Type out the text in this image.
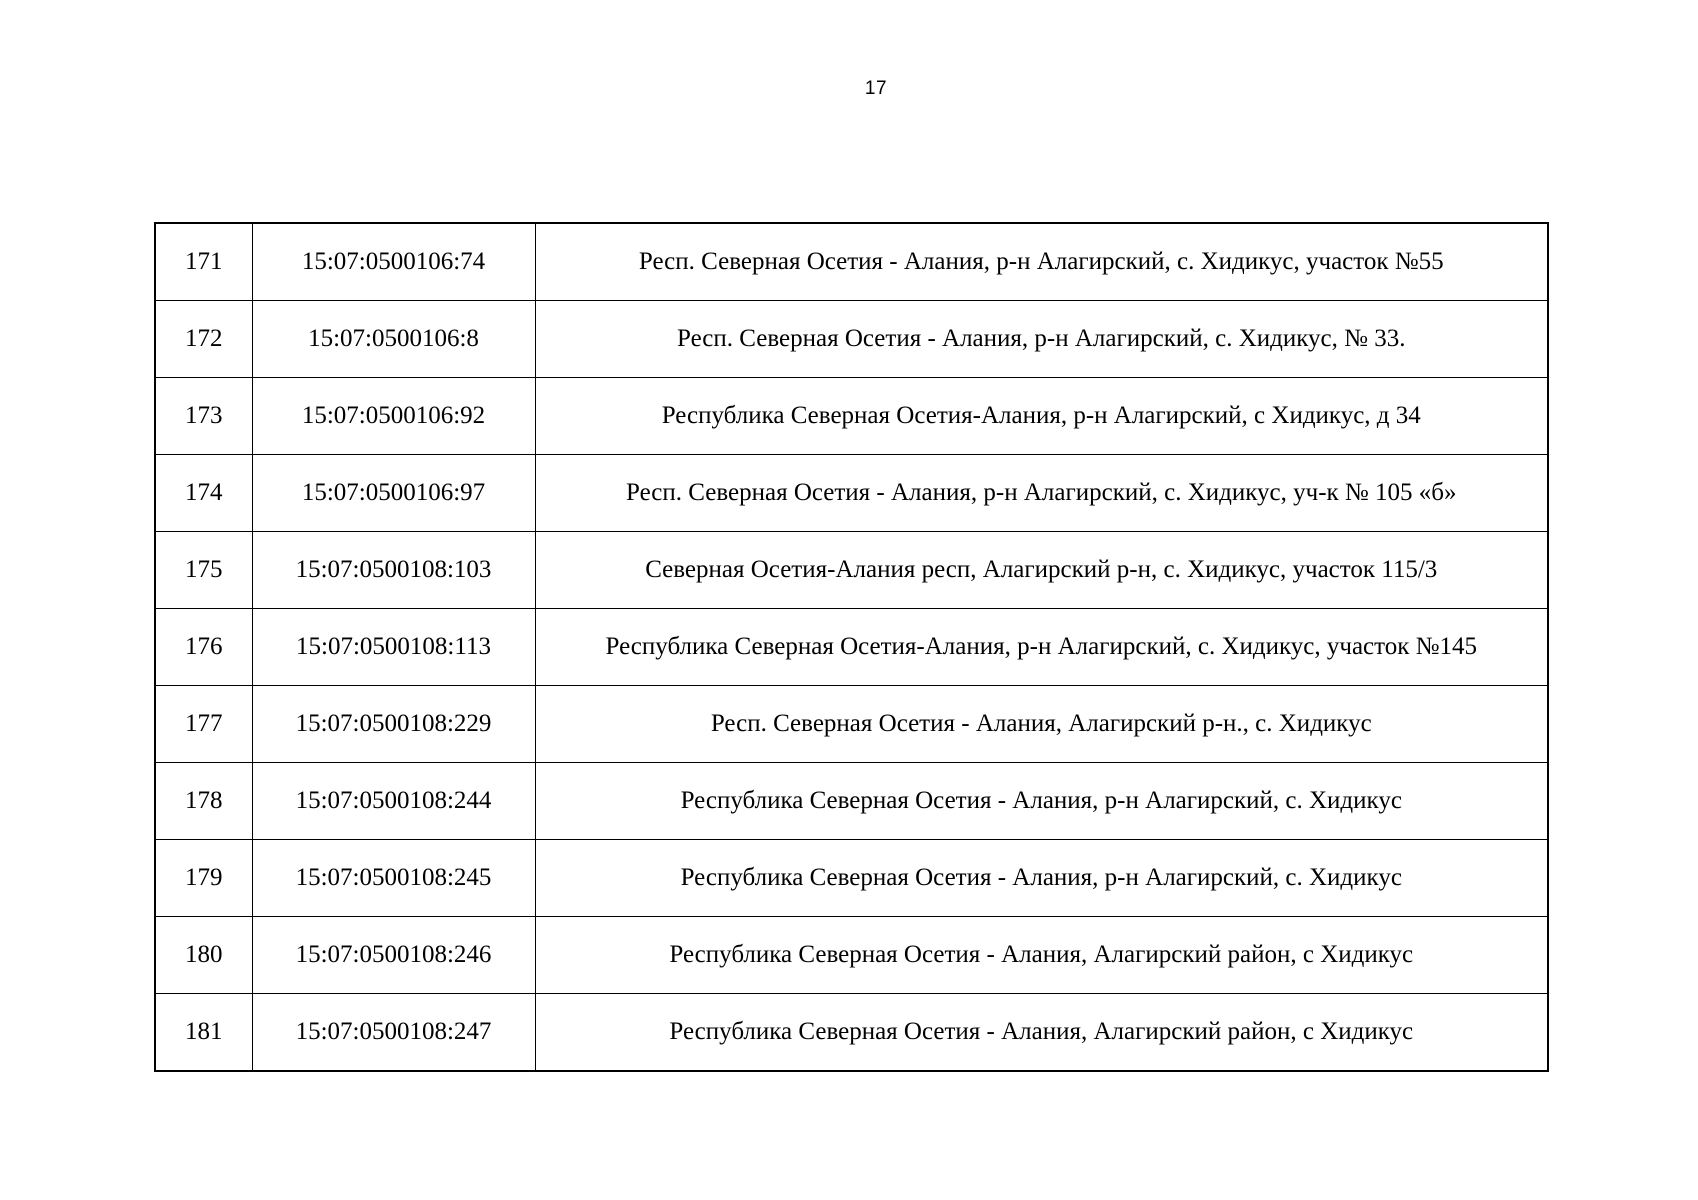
17
171	15:07:0500106:74	Респ. Северная Осетия - Алания, р-н Алагирский, с. Хидикус, участок №55
172	15:07:0500106:8	Респ. Северная Осетия - Алания, р-н Алагирский, с. Хидикус, № 33.
173	15:07:0500106:92	Республика Северная Осетия-Алания, р-н Алагирский, с Хидикус, д 34
174	15:07:0500106:97	Респ. Северная Осетия - Алания, р-н Алагирский, с. Хидикус, уч-к № 105 «б»
175	15:07:0500108:103	Северная Осетия-Алания респ, Алагирский р-н, с. Хидикус, участок 115/3
176	15:07:0500108:113	Республика Северная Осетия-Алания, р-н Алагирский, с. Хидикус, участок №145
177	15:07:0500108:229	Респ. Северная Осетия - Алания, Алагирский р-н., с. Хидикус
178	15:07:0500108:244	Республика Северная Осетия - Алания, р-н Алагирский, с. Хидикус
179	15:07:0500108:245	Республика Северная Осетия - Алания, р-н Алагирский, с. Хидикус
180	15:07:0500108:246	Республика Северная Осетия - Алания, Алагирский район, с Хидикус
181	15:07:0500108:247	Республика Северная Осетия - Алания, Алагирский район, с Хидикус
